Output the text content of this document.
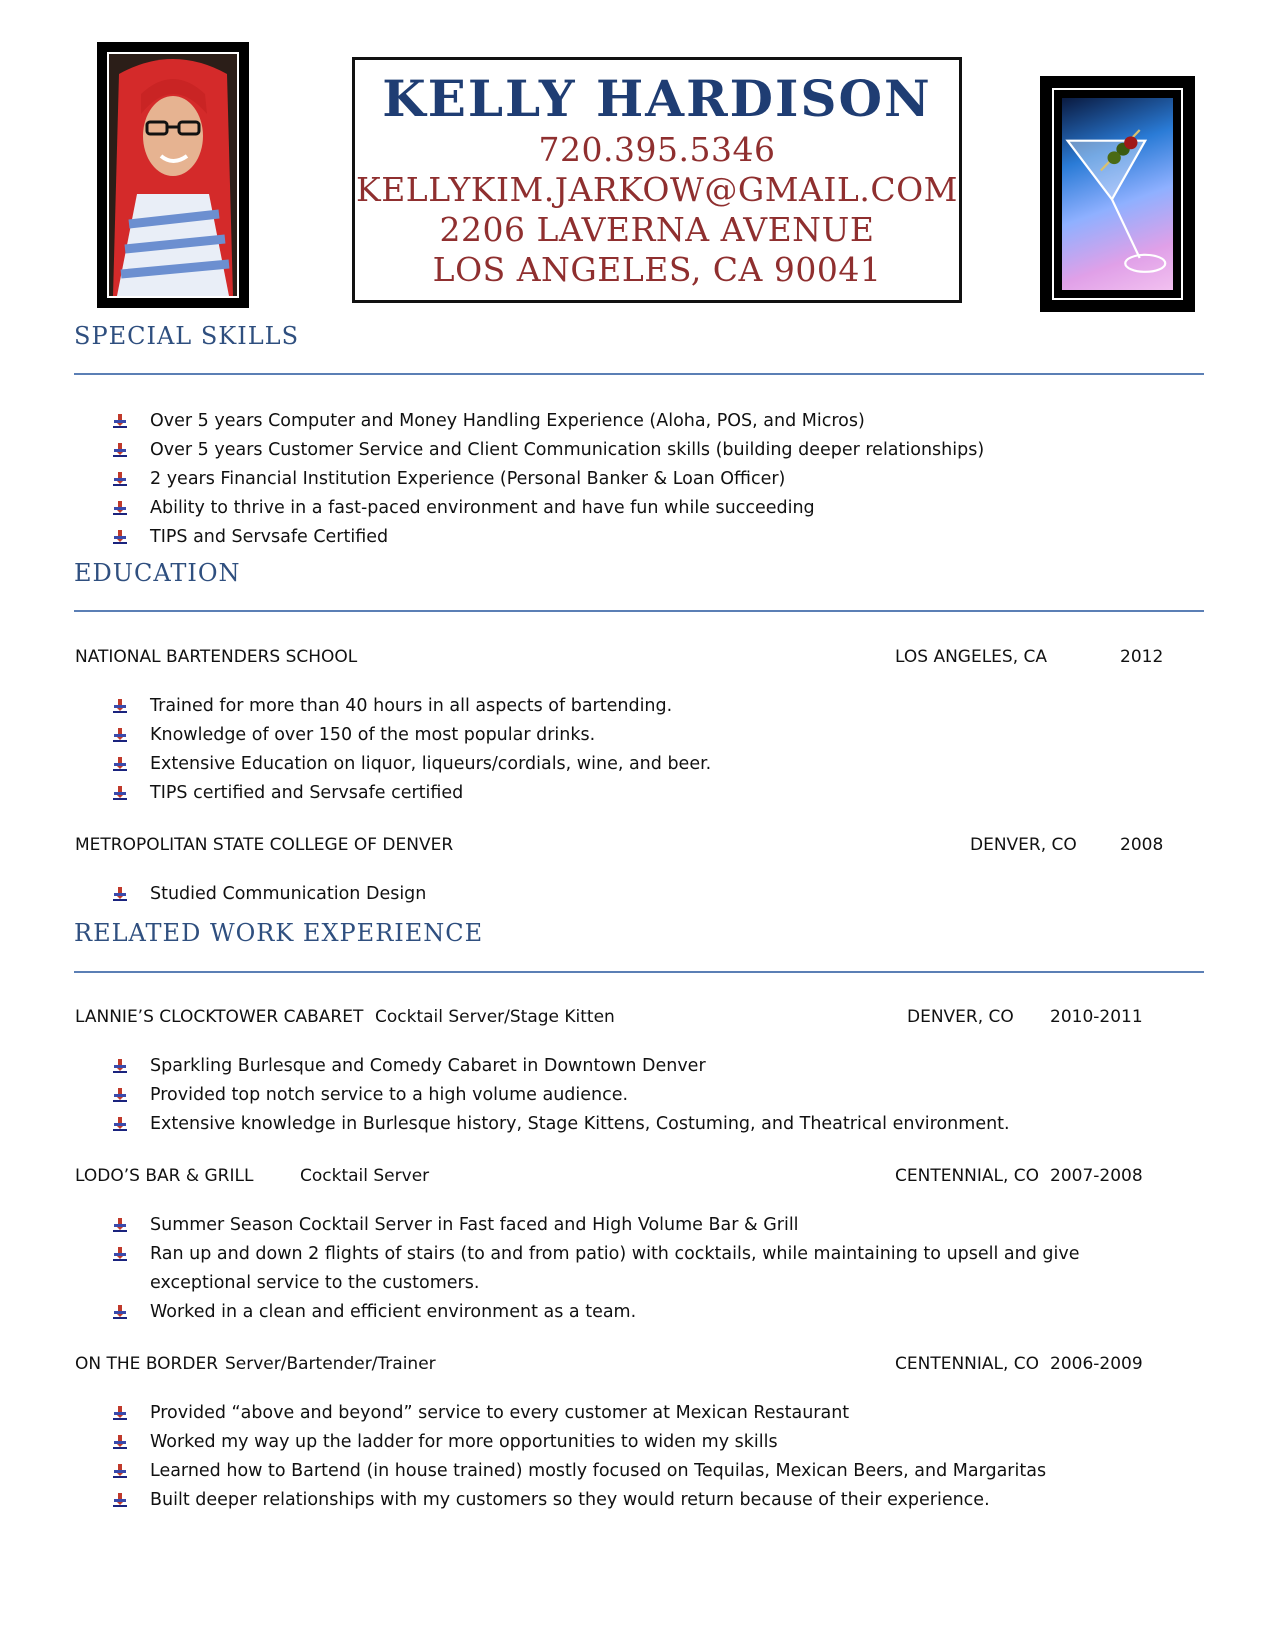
KELLY HARDISON
720.395.5346
KELLYKIM.JARKOW@GMAIL.COM
2206 LAVERNA AVENUE
LOS ANGELES, CA 90041
SPECIAL SKILLS
Over 5 years Computer and Money Handling Experience (Aloha, POS, and Micros)
Over 5 years Customer Service and Client Communication skills (building deeper relationships)
2 years Financial Institution Experience (Personal Banker & Loan Officer)
Ability to thrive in a fast-paced environment and have fun while succeeding
TIPS and Servsafe Certified
EDUCATION
NATIONAL BARTENDERS SCHOOL	LOS ANGELES, CA	2012
Trained for more than 40 hours in all aspects of bartending.
Knowledge of over 150 of the most popular drinks.
Extensive Education on liquor, liqueurs/cordials, wine, and beer.
TIPS certified and Servsafe certified
METROPOLITAN STATE COLLEGE OF DENVER	DENVER, CO	2008
Studied Communication Design
RELATED WORK EXPERIENCE
LANNIE’S CLOCKTOWER CABARET Cocktail Server/Stage Kitten	DENVER, CO 2010-2011
Sparkling Burlesque and Comedy Cabaret in Downtown Denver
Provided top notch service to a high volume audience.
Extensive knowledge in Burlesque history, Stage Kittens, Costuming, and Theatrical environment.
LODO’S BAR & GRILL	Cocktail Server	CENTENNIAL, CO 2007-2008
Summer Season Cocktail Server in Fast faced and High Volume Bar & Grill
Ran up and down 2 flights of stairs (to and from patio) with cocktails, while maintaining to upsell and give exceptional service to the customers.
Worked in a clean and efficient environment as a team.
ON THE BORDER Server/Bartender/Trainer	CENTENNIAL, CO 2006-2009
Provided “above and beyond” service to every customer at Mexican Restaurant
Worked my way up the ladder for more opportunities to widen my skills
Learned how to Bartend (in house trained) mostly focused on Tequilas, Mexican Beers, and Margaritas
Built deeper relationships with my customers so they would return because of their experience.
